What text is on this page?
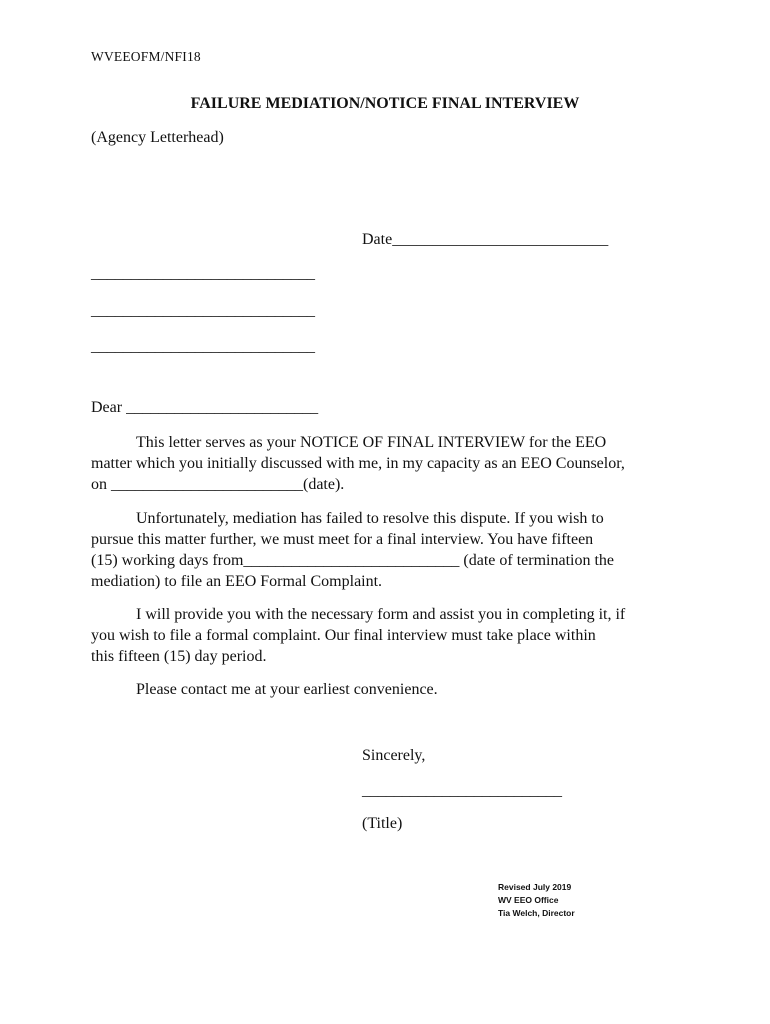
WVEEOFM/NFI18
FAILURE MEDIATION/NOTICE FINAL INTERVIEW
(Agency Letterhead)
Date___________________________
____________________________
____________________________
____________________________
Dear ________________________
This letter serves as your NOTICE OF FINAL INTERVIEW for the EEO
matter which you initially discussed with me, in my capacity as an EEO Counselor,
on ________________________(date).
Unfortunately, mediation has failed to resolve this dispute. If you wish to
pursue this matter further, we must meet for a final interview. You have fifteen
(15) working days from___________________________ (date of termination the
mediation) to file an EEO Formal Complaint.
I will provide you with the necessary form and assist you in completing it, if
you wish to file a formal complaint. Our final interview must take place within
this fifteen (15) day period.
Please contact me at your earliest convenience.
Sincerely,
_________________________
(Title)
Revised July 2019
WV EEO Office
Tia Welch, Director
